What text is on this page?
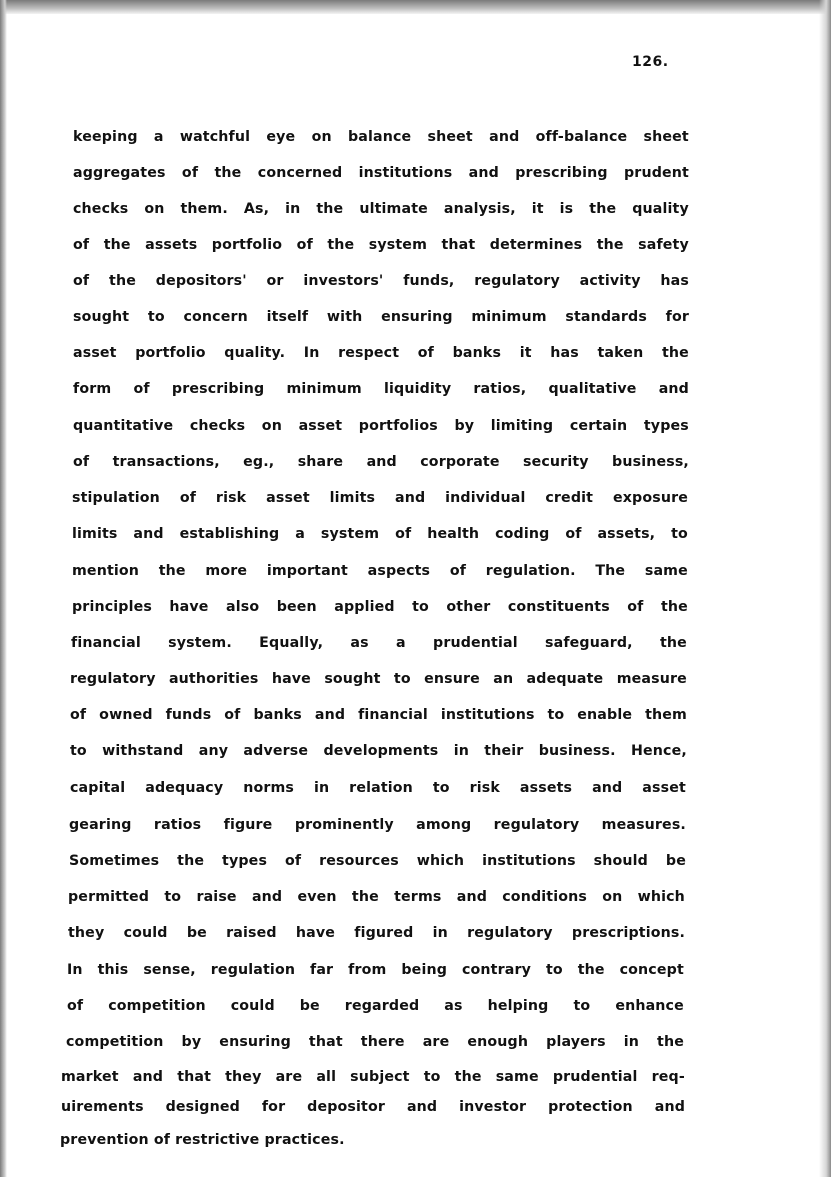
126.
keeping a watchful eye on balance sheet and off-balance sheet
aggregates of the concerned institutions and prescribing prudent
checks on them. As, in the ultimate analysis, it is the quality
of the assets portfolio of the system that determines the safety
of the depositors' or investors' funds, regulatory activity has
sought to concern itself with ensuring minimum standards for
asset portfolio quality. In respect of banks it has taken the
form of prescribing minimum liquidity ratios, qualitative and
quantitative checks on asset portfolios by limiting certain types
of transactions, eg., share and corporate security business,
stipulation of risk asset limits and individual credit exposure
limits and establishing a system of health coding of assets, to
mention the more important aspects of regulation. The same
principles have also been applied to other constituents of the
financial system. Equally, as a prudential safeguard, the
regulatory authorities have sought to ensure an adequate measure
of owned funds of banks and financial institutions to enable them
to withstand any adverse developments in their business. Hence,
capital adequacy norms in relation to risk assets and asset
gearing ratios figure prominently among regulatory measures.
Sometimes the types of resources which institutions should be
permitted to raise and even the terms and conditions on which
they could be raised have figured in regulatory prescriptions.
In this sense, regulation far from being contrary to the concept
of competition could be regarded as helping to enhance
competition by ensuring that there are enough players in the
market and that they are all subject to the same prudential req-
uirements designed for depositor and investor protection and
prevention of restrictive practices.
